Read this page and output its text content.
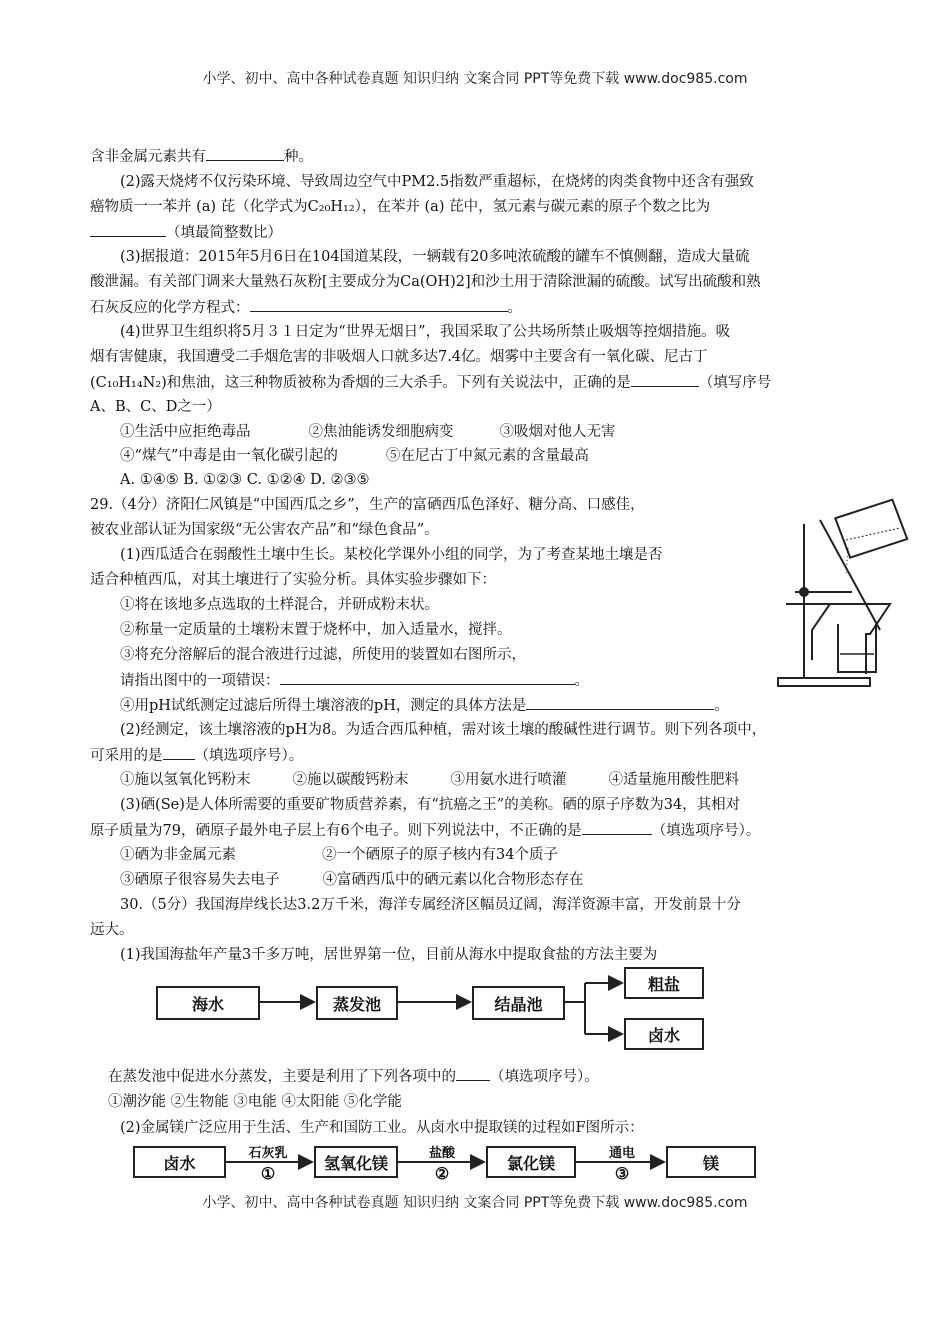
小学、初中、高中各种试卷真题 知识归纳 文案合同 PPT等免费下载 www.doc985.com
含非金属元素共有	种。
(2)露天烧烤不仅污染环境、导致周边空气中PM2.5指数严重超标，在烧烤的肉类食物中还含有强致
癌物质一一苯并 (a) 芘（化学式为C₂₀H₁₂），在苯并 (a) 芘中，氢元素与碳元素的原子个数之比为
（填最简整数比）
(3)据报道：2015年5月6日在104国道某段，一辆载有20多吨浓硫酸的罐车不慎侧翻，造成大量硫
酸泄漏。有关部门调来大量熟石灰粉[主要成分为Ca(OH)2]和沙土用于清除泄漏的硫酸。试写出硫酸和熟
石灰反应的化学方程式：	。
(4)世界卫生组织将5月３１日定为“世界无烟日”，我国采取了公共场所禁止吸烟等控烟措施。吸
烟有害健康，我国遭受二手烟危害的非吸烟人口就多达7.4亿。烟雾中主要含有一氧化碳、尼古丁
(C₁₀H₁₄N₂)和焦油，这三种物质被称为香烟的三大杀手。下列有关说法中，正确的是	（填写序号
A、B、C、D之一）
①生活中应拒绝毒品	②焦油能诱发细胞病变	③吸烟对他人无害
④“煤气”中毒是由一氧化碳引起的	⑤在尼古丁中氮元素的含量最高
A. ①④⑤ B. ①②③ C. ①②④ D. ②③⑤
29.（4分）济阳仁风镇是“中国西瓜之乡”，生产的富硒西瓜色泽好、糖分高、口感佳，
被农业部认证为国家级“无公害农产品”和“绿色食品”。
(1)西瓜适合在弱酸性土壤中生长。某校化学课外小组的同学，为了考查某地土壤是否
适合种植西瓜，对其土壤进行了实验分析。具体实验步骤如下：
①将在该地多点选取的土样混合，并研成粉末状。
②称量一定质量的土壤粉末置于烧杯中，加入适量水，搅拌。
③将充分溶解后的混合液进行过滤，所使用的装置如右图所示，
请指出图中的一项错误：	。
④用pH试纸测定过滤后所得土壤溶液的pH，测定的具体方法是	。
(2)经测定，该土壤溶液的pH为8。为适合西瓜种植，需对该土壤的酸碱性进行调节。则下列各项中，
可采用的是 （填选项序号）。
①施以氢氧化钙粉末	②施以碳酸钙粉末	③用氨水进行喷灌	④适量施用酸性肥料
(3)硒(Se)是人体所需要的重要矿物质营养素，有“抗癌之王”的美称。硒的原子序数为34，其相对
原子质量为79，硒原子最外电子层上有6个电子。则下列说法中，不正确的是	（填选项序号）。
①硒为非金属元素	②一个硒原子的原子核内有34个质子
③硒原子很容易失去电子	④富硒西瓜中的硒元素以化合物形态存在
30.（5分）我国海岸线长达3.2万千米，海洋专属经济区幅员辽阔，海洋资源丰富，开发前景十分
远大。
(1)我国海盐年产量3千多万吨，居世界第一位，目前从海水中提取食盐的方法主要为
海水	蒸发池	结晶池
粗盐
卤水
在蒸发池中促进水分蒸发，主要是利用了下列各项中的 （填选项序号）。
①潮汐能 ②生物能 ③电能 ④太阳能 ⑤化学能
(2)金属镁广泛应用于生活、生产和国防工业。从卤水中提取镁的过程如F图所示：
卤水	氢氧化镁	氯化镁	镁
石灰乳
①
盐酸
②
通电
③
小学、初中、高中各种试卷真题 知识归纳 文案合同 PPT等免费下载 www.doc985.com
